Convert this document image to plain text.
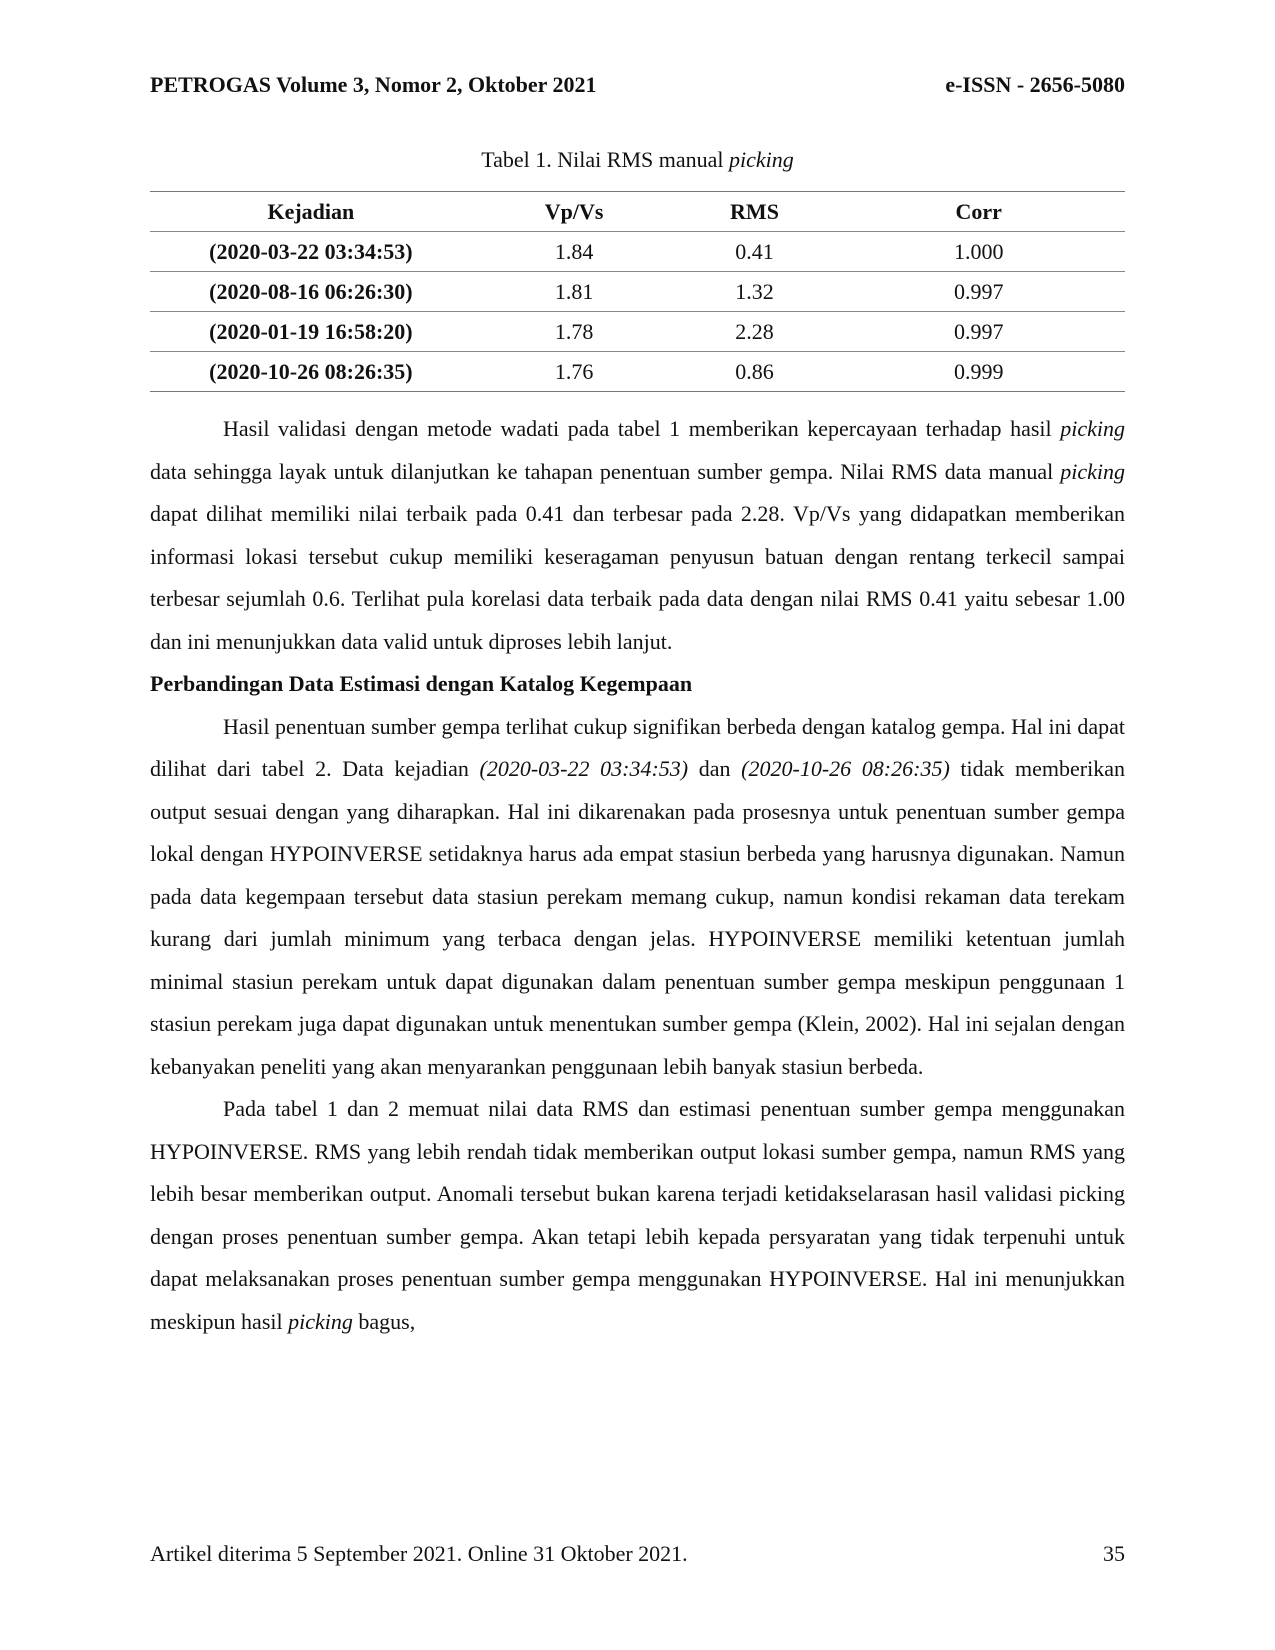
PETROGAS Volume 3, Nomor 2, Oktober 2021	e-ISSN - 2656-5080
Tabel 1. Nilai RMS manual picking
Kejadian	Vp/Vs	RMS	Corr
(2020-03-22 03:34:53)	1.84	0.41	1.000
(2020-08-16 06:26:30)	1.81	1.32	0.997
(2020-01-19 16:58:20)	1.78	2.28	0.997
(2020-10-26 08:26:35)	1.76	0.86	0.999

Hasil validasi dengan metode wadati pada tabel 1 memberikan kepercayaan terhadap hasil picking data sehingga layak untuk dilanjutkan ke tahapan penentuan sumber gempa. Nilai RMS data manual picking dapat dilihat memiliki nilai terbaik pada 0.41 dan terbesar pada 2.28. Vp/Vs yang didapatkan memberikan informasi lokasi tersebut cukup memiliki keseragaman penyusun batuan dengan rentang terkecil sampai terbesar sejumlah 0.6. Terlihat pula korelasi data terbaik pada data dengan nilai RMS 0.41 yaitu sebesar 1.00 dan ini menunjukkan data valid untuk diproses lebih lanjut.

Perbandingan Data Estimasi dengan Katalog Kegempaan

Hasil penentuan sumber gempa terlihat cukup signifikan berbeda dengan katalog gempa. Hal ini dapat dilihat dari tabel 2. Data kejadian (2020-03-22 03:34:53) dan (2020-10-26 08:26:35) tidak memberikan output sesuai dengan yang diharapkan. Hal ini dikarenakan pada prosesnya untuk penentuan sumber gempa lokal dengan HYPOINVERSE setidaknya harus ada empat stasiun berbeda yang harusnya digunakan. Namun pada data kegempaan tersebut data stasiun perekam memang cukup, namun kondisi rekaman data terekam kurang dari jumlah minimum yang terbaca dengan jelas. HYPOINVERSE memiliki ketentuan jumlah minimal stasiun perekam untuk dapat digunakan dalam penentuan sumber gempa meskipun penggunaan 1 stasiun perekam juga dapat digunakan untuk menentukan sumber gempa (Klein, 2002). Hal ini sejalan dengan kebanyakan peneliti yang akan menyarankan penggunaan lebih banyak stasiun berbeda.

Pada tabel 1 dan 2 memuat nilai data RMS dan estimasi penentuan sumber gempa menggunakan HYPOINVERSE. RMS yang lebih rendah tidak memberikan output lokasi sumber gempa, namun RMS yang lebih besar memberikan output. Anomali tersebut bukan karena terjadi ketidakselarasan hasil validasi picking dengan proses penentuan sumber gempa. Akan tetapi lebih kepada persyaratan yang tidak terpenuhi untuk dapat melaksanakan proses penentuan sumber gempa menggunakan HYPOINVERSE. Hal ini menunjukkan meskipun hasil picking bagus,

Artikel diterima 5 September 2021. Online 31 Oktober 2021.	35
